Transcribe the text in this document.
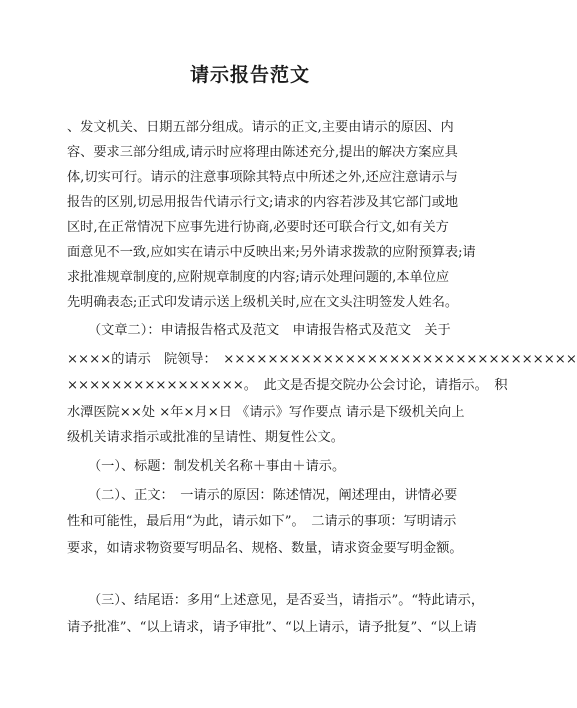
请示报告范文
、发文机关、日期五部分组成。请示的正文,主要由请示的原因、内
容、要求三部分组成,请示时应将理由陈述充分,提出的解决方案应具
体,切实可行。请示的注意事项除其特点中所述之外,还应注意请示与
报告的区别,切忌用报告代请示行文;请求的内容若涉及其它部门或地
区时,在正常情况下应事先进行协商,必要时还可联合行文,如有关方
面意见不一致,应如实在请示中反映出来;另外请求拨款的应附预算表;请
求批准规章制度的,应附规章制度的内容;请示处理问题的,本单位应
先明确表态;正式印发请示送上级机关时,应在文头注明签发人姓名。
（文章二）：申请报告格式及范文　申请报告格式及范文　关于
××××的请示　院领导：　××××××××××××××××××××××××××××××××
××××××××××××××××。　此文是否提交院办公会讨论，请指示。　积
水潭医院××处 ×年×月×日 《请示》写作要点 请示是下级机关向上
级机关请求指示或批准的呈请性、期复性公文。
（一）、标题：制发机关名称＋事由＋请示。
（二）、正文：　一请示的原因：陈述情况，阐述理由，讲情必要
性和可能性，最后用“为此，请示如下”。　二请示的事项：写明请示
要求，如请求物资要写明品名、规格、数量，请求资金要写明金额。
（三）、结尾语：多用“上述意见，是否妥当，请指示”。“特此请示，
请予批准”、“以上请求，请予审批”、“以上请示，请予批复”、“以上请
